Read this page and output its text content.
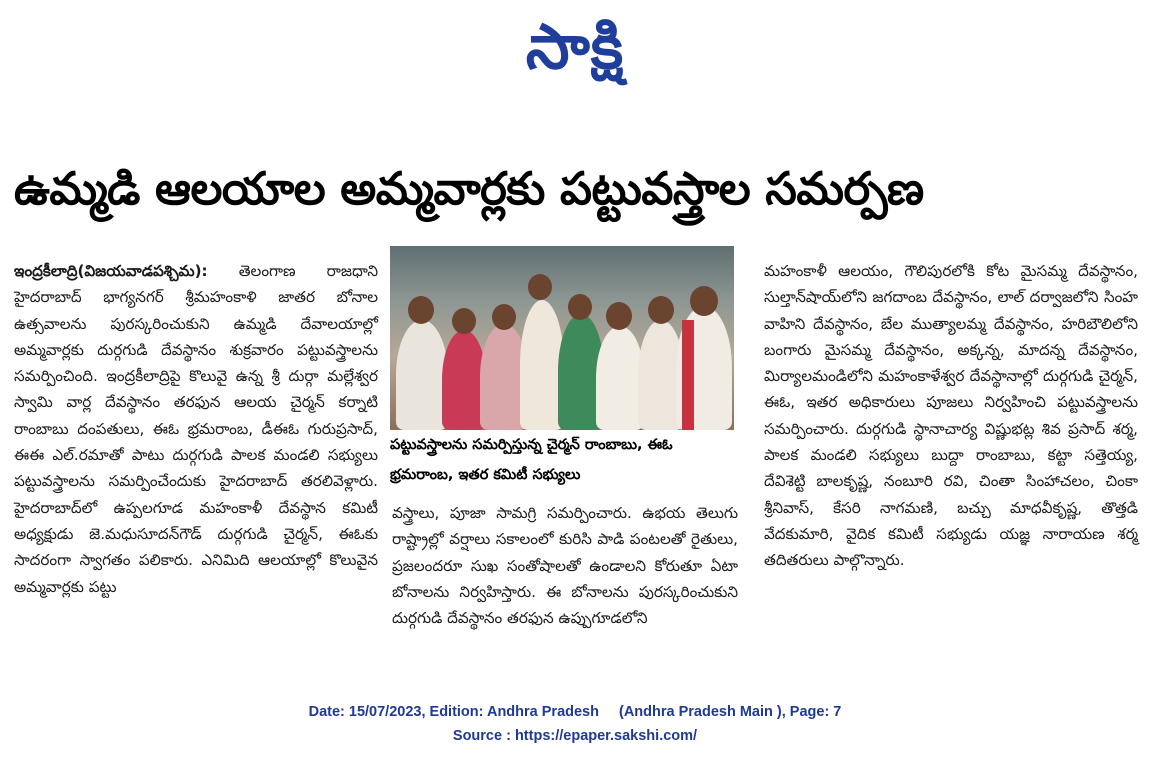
సాక్షి
ఉమ్మడి ఆలయాల అమ్మవార్లకు పట్టువస్త్రాల సమర్పణ

ఇంద్రకీలాద్రి(విజయవాడపశ్చిమ): తెలంగాణ రాజధాని హైదరాబాద్ భాగ్యనగర్ శ్రీమహంకాళి జాతర బోనాల ఉత్సవాలను పురస్కరించుకుని ఉమ్మడి దేవాలయాల్లో అమ్మవార్లకు దుర్గగుడి దేవస్థానం శుక్రవారం పట్టువస్త్రాలను సమర్పించింది. ఇంద్రకీలాద్రిపై కొలువై ఉన్న శ్రీ దుర్గా మల్లేశ్వర స్వామి వార్ల దేవస్థానం తరఫున ఆలయ చైర్మన్ కర్నాటి రాంబాబు దంపతులు, ఈఓ భ్రమరాంబ, డీఈఓ గురుప్రసాద్, ఈఈ ఎల్.రమాతో పాటు దుర్గగుడి పాలక మండలి సభ్యులు పట్టువస్త్రాలను సమర్పించేందుకు హైదరాబాద్ తరలివెళ్లారు. హైదరాబాద్‌లో ఉప్పలగూడ మహంకాళీ దేవస్థాన కమిటీ అధ్యక్షుడు జె.మధుసూదన్‌గౌడ్ దుర్గగుడి చైర్మన్, ఈఓకు సాదరంగా స్వాగతం పలికారు. ఎనిమిది ఆలయాల్లో కొలువైన అమ్మవార్లకు పట్టు

పట్టువస్త్రాలను సమర్పిస్తున్న చైర్మన్ రాంబాబు, ఈఓ భ్రమరాంబ, ఇతర కమిటీ సభ్యులు

వస్త్రాలు, పూజా సామగ్రి సమర్పించారు. ఉభయ తెలుగు రాష్ట్రాల్లో వర్షాలు సకాలంలో కురిసి పాడి పంటలతో రైతులు, ప్రజలందరూ సుఖ సంతోషాలతో ఉండాలని కోరుతూ ఏటా బోనాలను నిర్వహిస్తారు. ఈ బోనాలను పురస్కరించుకుని దుర్గగుడి దేవస్థానం తరఫున ఉప్పుగూడలోని

మహంకాళీ ఆలయం, గౌలిపురలోకి కోట మైసమ్మ దేవస్థానం, సుల్తాన్‌షాయ్‌లోని జగదాంబ దేవస్థానం, లాల్ దర్వాజలోని సింహ వాహిని దేవస్థానం, బేల ముత్యాలమ్మ దేవస్థానం, హరిబౌలిలోని బంగారు మైసమ్మ దేవస్థానం, అక్కన్న, మాదన్న దేవస్థానం, మిర్యాలమండిలోని మహంకాళేశ్వర దేవస్థానాల్లో దుర్గగుడి చైర్మన్, ఈఓ, ఇతర అధికారులు పూజలు నిర్వహించి పట్టువస్త్రాలను సమర్పించారు. దుర్గగుడి స్థానాచార్య విష్ణుభట్ల శివ ప్రసాద్ శర్మ, పాలక మండలి సభ్యులు బుద్దా రాంబాబు, కట్టా సత్తెయ్య, దేవిశెట్టి బాలకృష్ణ, నంబూరి రవి, చింతా సింహాచలం, చింకా శ్రీనివాస్, కేసరి నాగమణి, బచ్చు మాధవీకృష్ణ, తొత్తడి వేదకుమారి, వైదిక కమిటీ సభ్యుడు యజ్ఞ నారాయణ శర్మ తదితరులు పాల్గొన్నారు.

Date: 15/07/2023, Edition: Andhra Pradesh (Andhra Pradesh Main ), Page: 7
Source : https://epaper.sakshi.com/
